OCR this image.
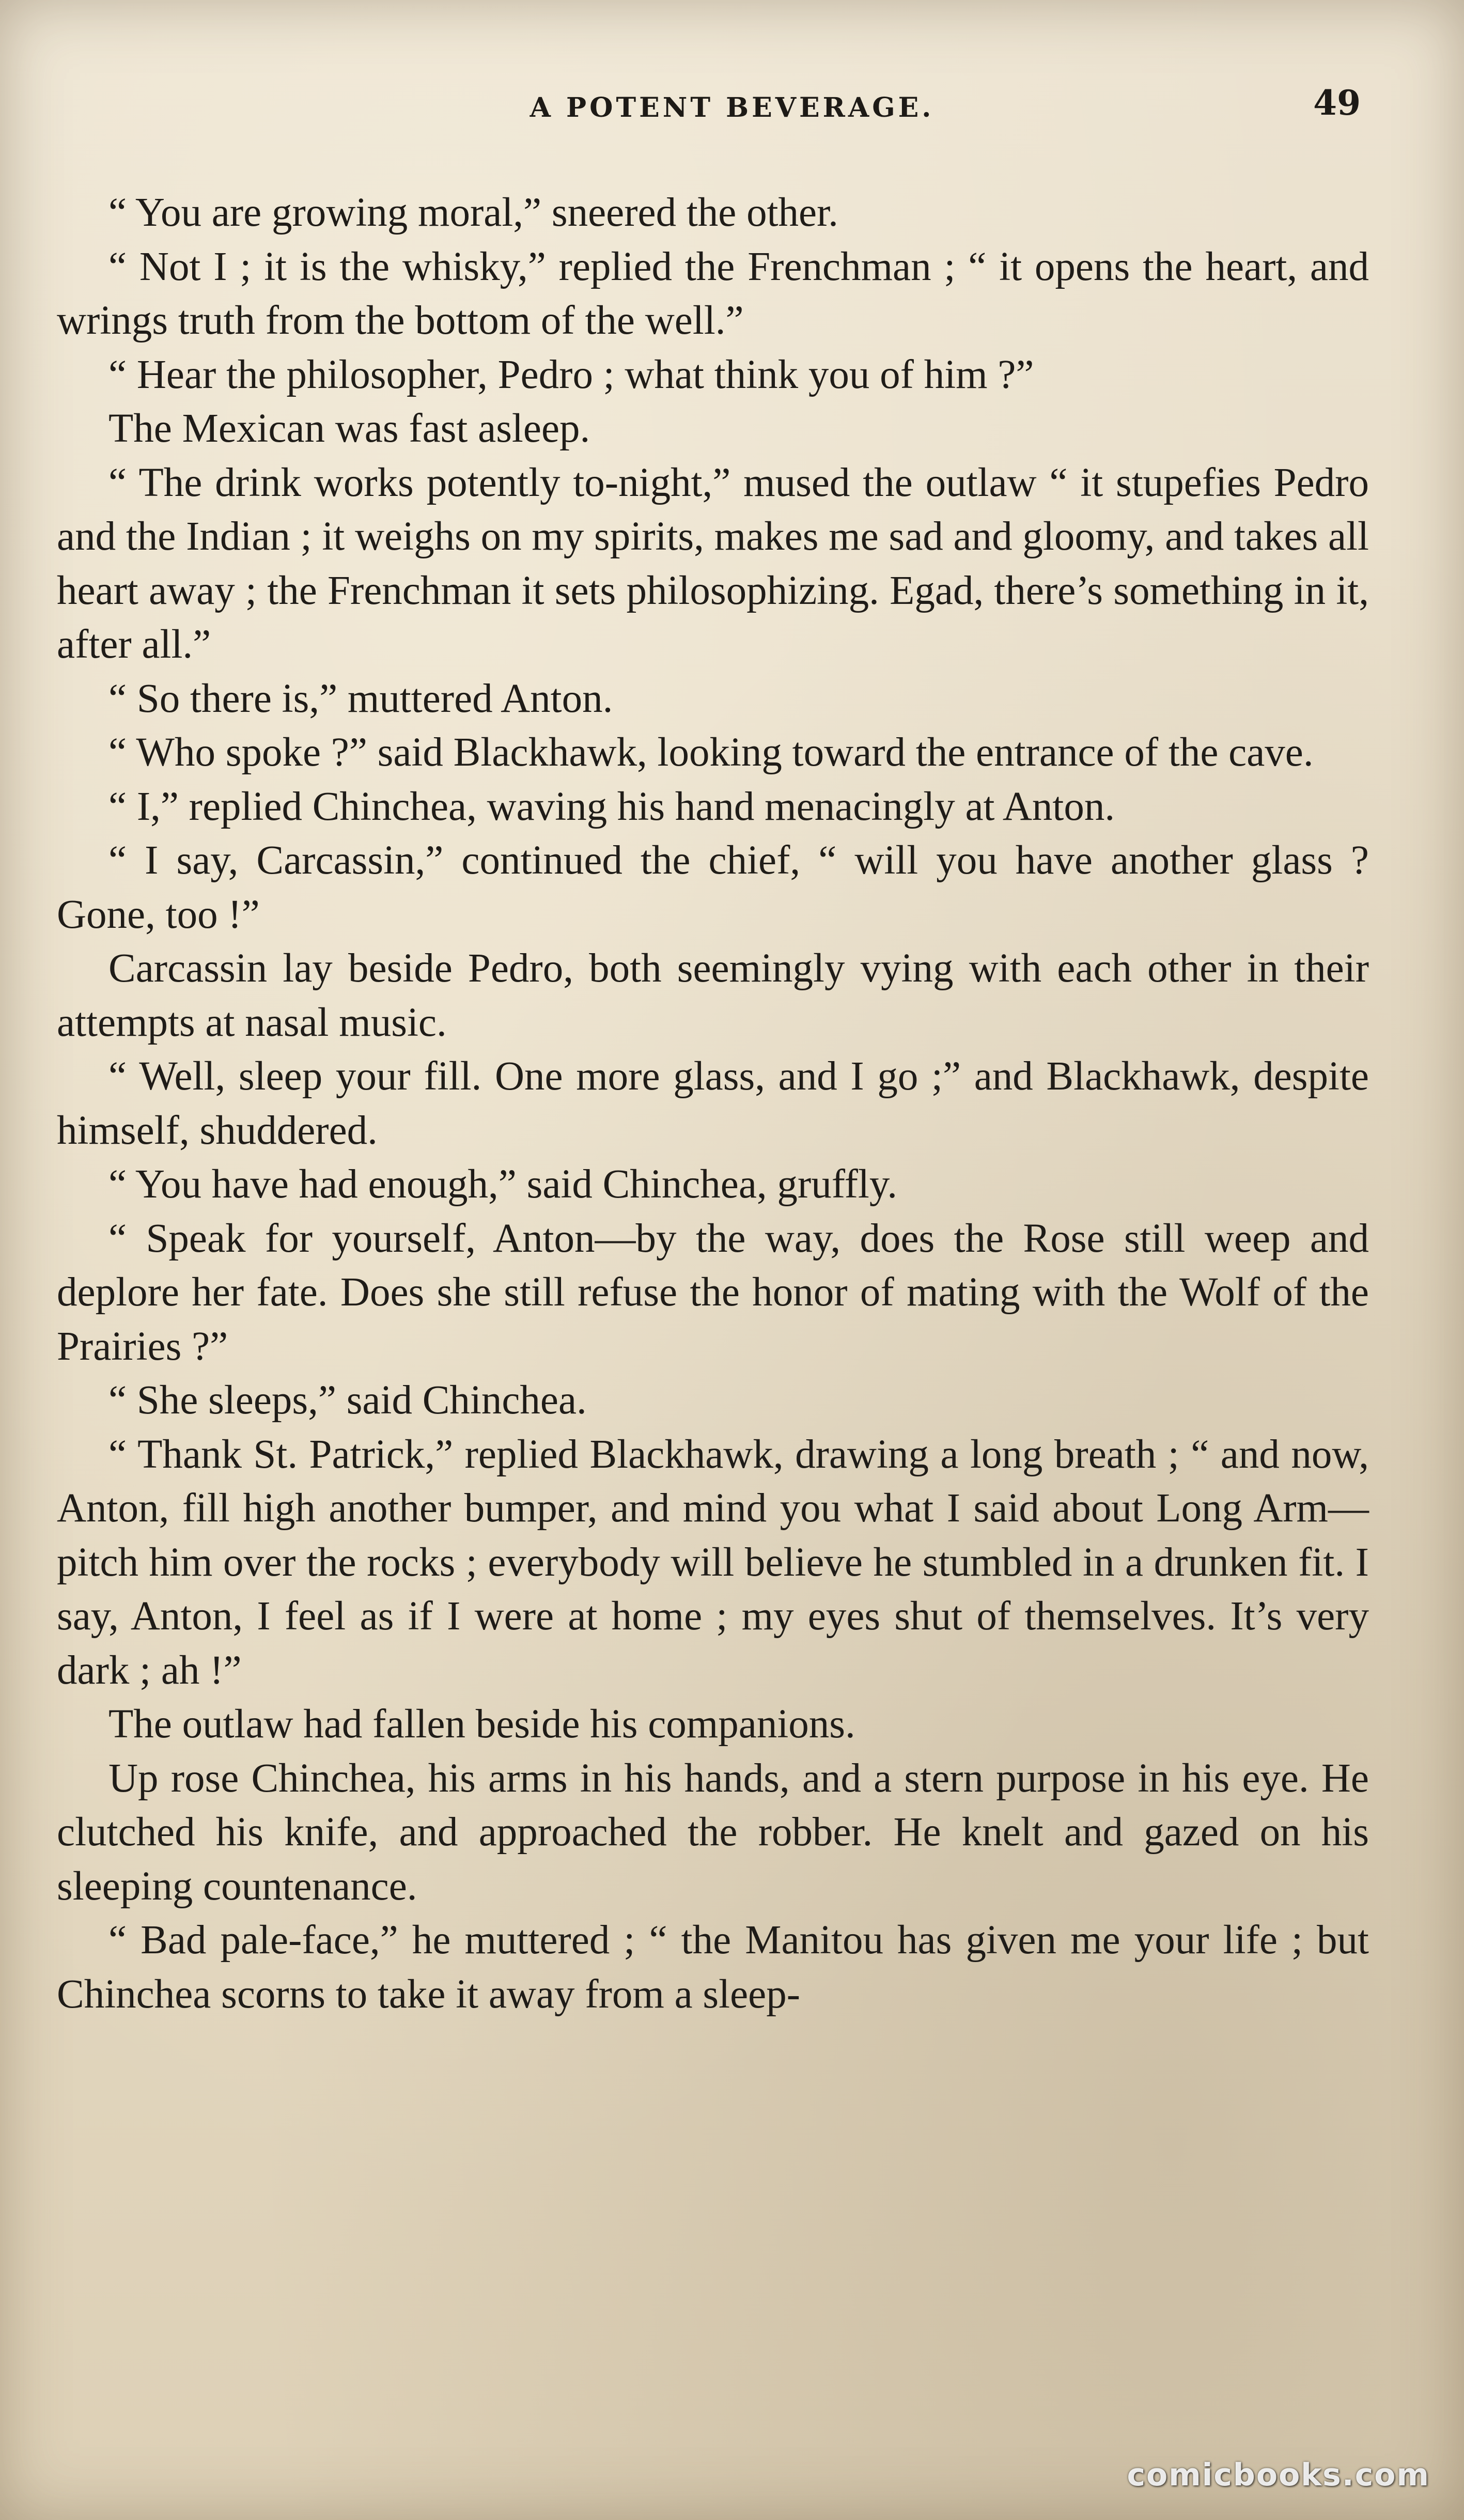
A POTENT BEVERAGE.	49

“ You are growing moral,” sneered the other.

“ Not I ; it is the whisky,” replied the Frenchman ; “ it opens the heart, and wrings truth from the bottom of the well.”

“ Hear the philosopher, Pedro ; what think you of him ?”

The Mexican was fast asleep.

“ The drink works potently to-night,” mused the outlaw “ it stupefies Pedro and the Indian ; it weighs on my spirits, makes me sad and gloomy, and takes all heart away ; the Frenchman it sets philosophizing. Egad, there’s something in it, after all.”

“ So there is,” muttered Anton.

“ Who spoke ?” said Blackhawk, looking toward the entrance of the cave.

“ I,” replied Chinchea, waving his hand menacingly at Anton.

“ I say, Carcassin,” continued the chief, “ will you have another glass ? Gone, too !”

Carcassin lay beside Pedro, both seemingly vying with each other in their attempts at nasal music.

“ Well, sleep your fill. One more glass, and I go ;” and Blackhawk, despite himself, shuddered.

“ You have had enough,” said Chinchea, gruffly.

“ Speak for yourself, Anton—by the way, does the Rose still weep and deplore her fate. Does she still refuse the honor of mating with the Wolf of the Prairies ?”

“ She sleeps,” said Chinchea.

“ Thank St. Patrick,” replied Blackhawk, drawing a long breath ; “ and now, Anton, fill high another bumper, and mind you what I said about Long Arm—pitch him over the rocks ; everybody will believe he stumbled in a drunken fit. I say, Anton, I feel as if I were at home ; my eyes shut of themselves. It’s very dark ; ah !”

The outlaw had fallen beside his companions.

Up rose Chinchea, his arms in his hands, and a stern purpose in his eye. He clutched his knife, and approached the robber. He knelt and gazed on his sleeping countenance.

“ Bad pale-face,” he muttered ; “ the Manitou has given me your life ; but Chinchea scorns to take it away from a sleep-

comicbooks.com
